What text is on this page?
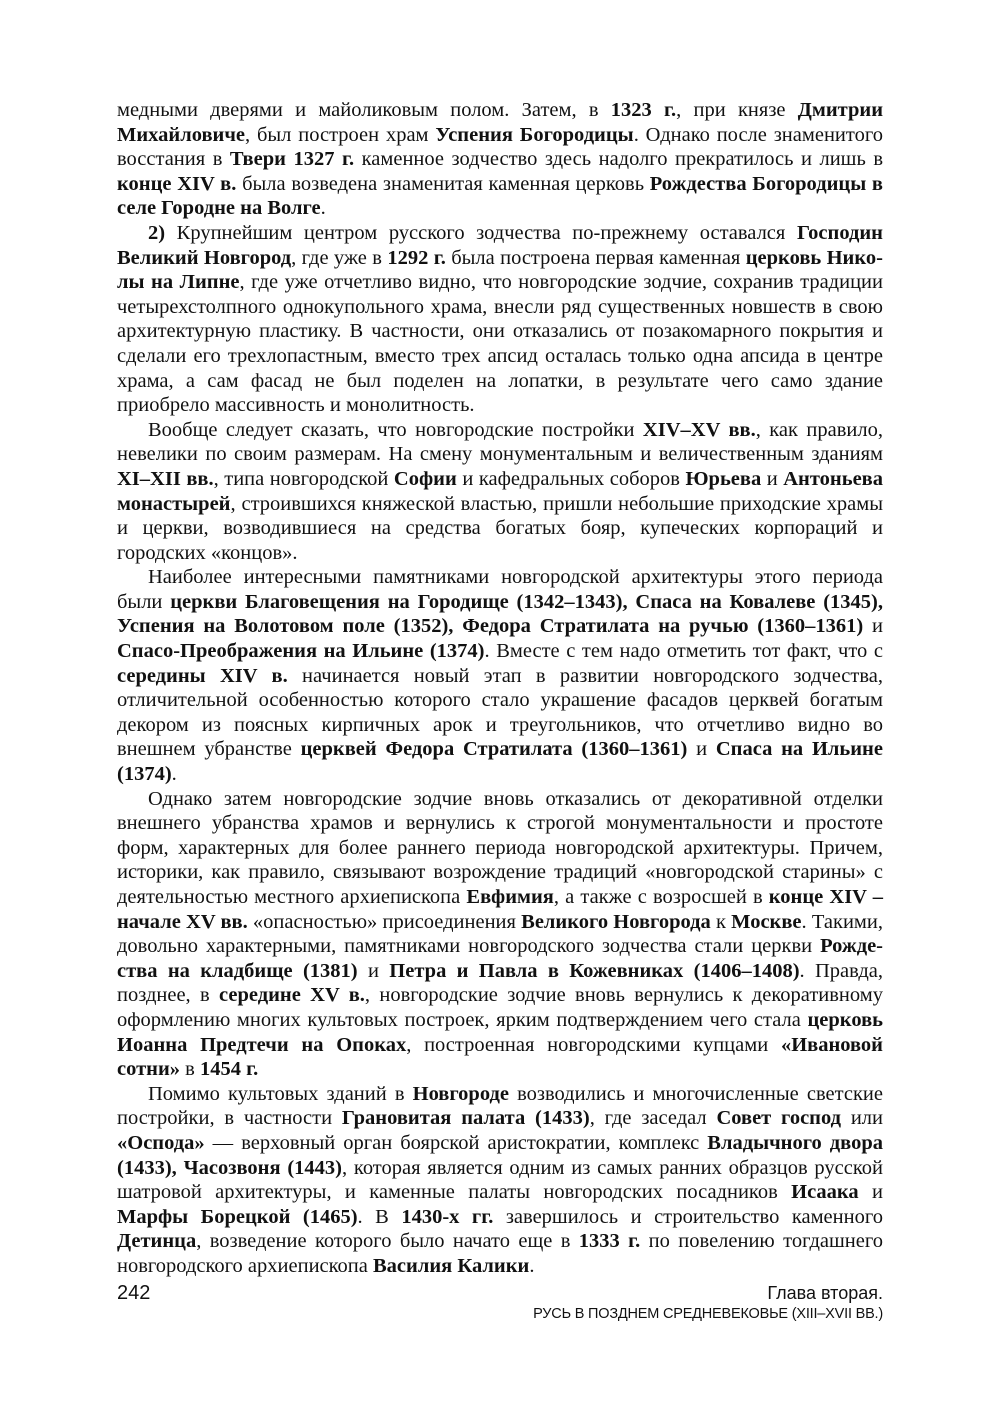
медными дверями и майоликовым полом. Затем, в 1323 г., при князе Дмитрии Михайловиче, был построен храм Успения Богородицы. Однако после знаменитого восстания в Твери 1327 г. каменное зодчество здесь надолго прекратилось и лишь в конце XIV в. была возведена знаменитая каменная церковь Рождества Богородицы в селе Городне на Волге.

2) Крупнейшим центром русского зодчества по-прежнему оставался Господин Великий Новгород, где уже в 1292 г. была построена первая каменная церковь Николы на Липне, где уже отчетливо видно, что новгородские зодчие, сохранив традиции четырехстолпного однокупольного храма, внесли ряд существенных новшеств в свою архитектурную пластику. В частности, они отказались от позакомарного покрытия и сделали его трехлопастным, вместо трех апсид осталась только одна апсида в центре храма, а сам фасад не был поделен на лопатки, в результате чего само здание приобрело массивность и монолитность.

Вообще следует сказать, что новгородские постройки XIV–XV вв., как правило, невелики по своим размерам. На смену монументальным и величественным зданиям XI–XII вв., типа новгородской Софии и кафедральных соборов Юрьева и Антоньева монастырей, строившихся княжеской властью, пришли небольшие приходские храмы и церкви, возводившиеся на средства богатых бояр, купеческих корпораций и городских «концов».

Наиболее интересными памятниками новгородской архитектуры этого периода были церкви Благовещения на Городище (1342–1343), Спаса на Ковалеве (1345), Успения на Волотовом поле (1352), Федора Стратилата на ручью (1360–1361) и Спасо-Преображения на Ильине (1374). Вместе с тем надо отметить тот факт, что с середины XIV в. начинается новый этап в развитии новгородского зодчества, отличительной особенностью которого стало украшение фасадов церквей богатым декором из поясных кирпичных арок и треугольников, что отчетливо видно во внешнем убранстве церквей Федора Стратилата (1360–1361) и Спаса на Ильине (1374).

Однако затем новгородские зодчие вновь отказались от декоративной отделки внешнего убранства храмов и вернулись к строгой монументальности и простоте форм, характерных для более раннего периода новгородской архитектуры. Причем, историки, как правило, связывают возрождение традиций «новгородской старины» с деятельностью местного архиепископа Евфимия, а также с возросшей в конце XIV – начале XV вв. «опасностью» присоединения Великого Новгорода к Москве. Такими, довольно характерными, памятниками новгородского зодчества стали церкви Рождества на кладбище (1381) и Петра и Павла в Кожевниках (1406–1408). Правда, позднее, в середине XV в., новгородские зодчие вновь вернулись к декоративному оформлению многих культовых построек, ярким подтверждением чего стала церковь Иоанна Предтечи на Опоках, построенная новгородскими купцами «Ивановой сотни» в 1454 г.

Помимо культовых зданий в Новгороде возводились и многочисленные светские постройки, в частности Грановитая палата (1433), где заседал Совет господ или «Осподa» — верховный орган боярской аристократии, комплекс Владычного двора (1433), Часозвоня (1443), которая является одним из самых ранних образцов русской шатровой архитектуры, и каменные палаты новгородских посадников Исаака и Марфы Борецкой (1465). В 1430-х гг. завершилось и строительство каменного Детинца, возведение которого было начато еще в 1333 г. по повелению тогдашнего новгородского архиепископа Василия Калики.

242	Глава вторая.
РУСЬ В ПОЗДНЕМ СРЕДНЕВЕКОВЬЕ (XIII–XVII ВВ.)
